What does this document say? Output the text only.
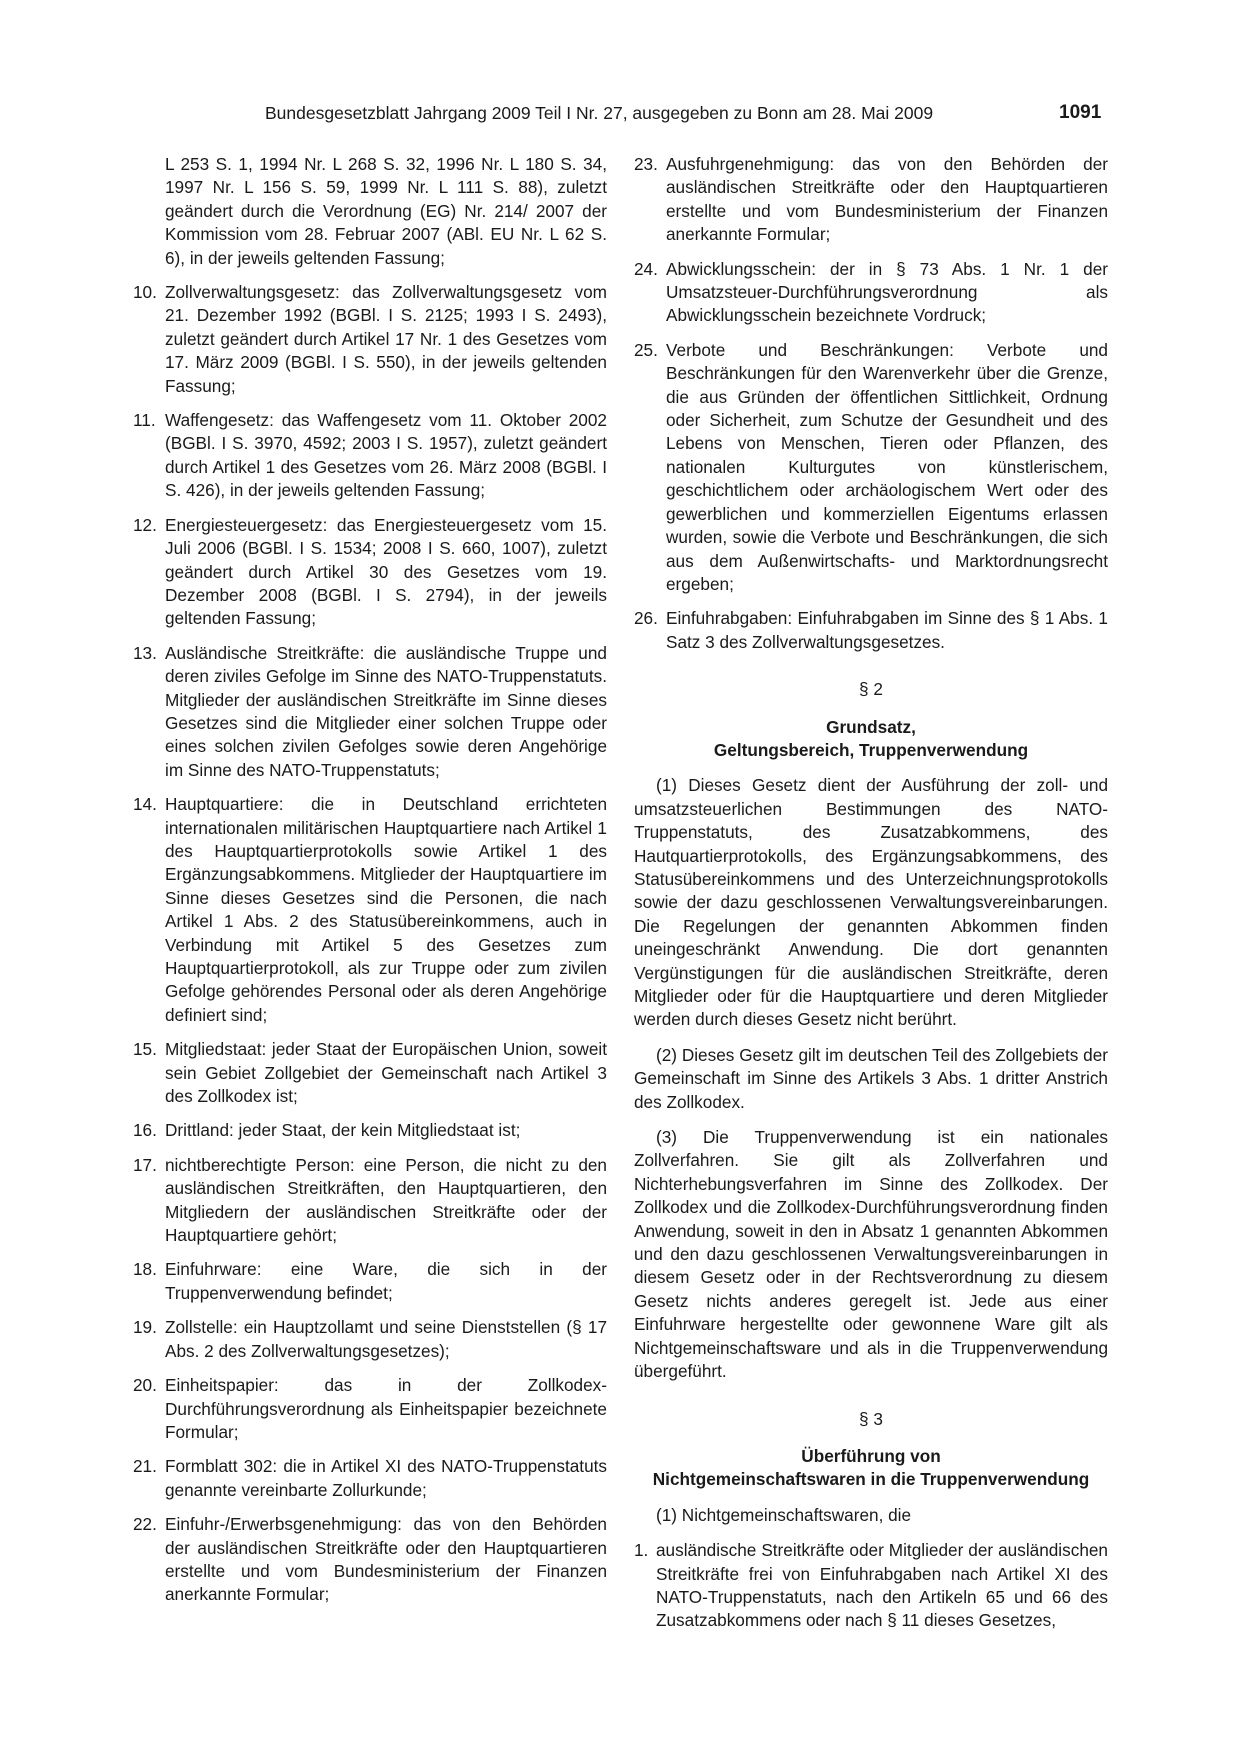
Bundesgesetzblatt Jahrgang 2009 Teil I Nr. 27, ausgegeben zu Bonn am 28. Mai 2009	1091
L 253 S. 1, 1994 Nr. L 268 S. 32, 1996 Nr. L 180 S. 34, 1997 Nr. L 156 S. 59, 1999 Nr. L 111 S. 88), zuletzt geändert durch die Verordnung (EG) Nr. 214/ 2007 der Kommission vom 28. Februar 2007 (ABl. EU Nr. L 62 S. 6), in der jeweils geltenden Fassung;
10. Zollverwaltungsgesetz: das Zollverwaltungsgesetz vom 21. Dezember 1992 (BGBl. I S. 2125; 1993 I S. 2493), zuletzt geändert durch Artikel 17 Nr. 1 des Gesetzes vom 17. März 2009 (BGBl. I S. 550), in der jeweils geltenden Fassung;
11. Waffengesetz: das Waffengesetz vom 11. Oktober 2002 (BGBl. I S. 3970, 4592; 2003 I S. 1957), zuletzt geändert durch Artikel 1 des Gesetzes vom 26. März 2008 (BGBl. I S. 426), in der jeweils geltenden Fassung;
12. Energiesteuergesetz: das Energiesteuergesetz vom 15. Juli 2006 (BGBl. I S. 1534; 2008 I S. 660, 1007), zuletzt geändert durch Artikel 30 des Gesetzes vom 19. Dezember 2008 (BGBl. I S. 2794), in der jeweils geltenden Fassung;
13. Ausländische Streitkräfte: die ausländische Truppe und deren ziviles Gefolge im Sinne des NATO-Truppenstatuts. Mitglieder der ausländischen Streitkräfte im Sinne dieses Gesetzes sind die Mitglieder einer solchen Truppe oder eines solchen zivilen Gefolges sowie deren Angehörige im Sinne des NATO-Truppenstatuts;
14. Hauptquartiere: die in Deutschland errichteten internationalen militärischen Hauptquartiere nach Artikel 1 des Hauptquartierprotokolls sowie Artikel 1 des Ergänzungsabkommens. Mitglieder der Hauptquartiere im Sinne dieses Gesetzes sind die Personen, die nach Artikel 1 Abs. 2 des Statusübereinkommens, auch in Verbindung mit Artikel 5 des Gesetzes zum Hauptquartierprotokoll, als zur Truppe oder zum zivilen Gefolge gehörendes Personal oder als deren Angehörige definiert sind;
15. Mitgliedstaat: jeder Staat der Europäischen Union, soweit sein Gebiet Zollgebiet der Gemeinschaft nach Artikel 3 des Zollkodex ist;
16. Drittland: jeder Staat, der kein Mitgliedstaat ist;
17. nichtberechtigte Person: eine Person, die nicht zu den ausländischen Streitkräften, den Hauptquartieren, den Mitgliedern der ausländischen Streitkräfte oder der Hauptquartiere gehört;
18. Einfuhrware: eine Ware, die sich in der Truppenverwendung befindet;
19. Zollstelle: ein Hauptzollamt und seine Dienststellen (§ 17 Abs. 2 des Zollverwaltungsgesetzes);
20. Einheitspapier: das in der Zollkodex-Durchführungsverordnung als Einheitspapier bezeichnete Formular;
21. Formblatt 302: die in Artikel XI des NATO-Truppenstatuts genannte vereinbarte Zollurkunde;
22. Einfuhr-/Erwerbsgenehmigung: das von den Behörden der ausländischen Streitkräfte oder den Hauptquartieren erstellte und vom Bundesministerium der Finanzen anerkannte Formular;
23. Ausfuhrgenehmigung: das von den Behörden der ausländischen Streitkräfte oder den Hauptquartieren erstellte und vom Bundesministerium der Finanzen anerkannte Formular;
24. Abwicklungsschein: der in § 73 Abs. 1 Nr. 1 der Umsatzsteuer-Durchführungsverordnung als Abwicklungsschein bezeichnete Vordruck;
25. Verbote und Beschränkungen: Verbote und Beschränkungen für den Warenverkehr über die Grenze, die aus Gründen der öffentlichen Sittlichkeit, Ordnung oder Sicherheit, zum Schutze der Gesundheit und des Lebens von Menschen, Tieren oder Pflanzen, des nationalen Kulturgutes von künstlerischem, geschichtlichem oder archäologischem Wert oder des gewerblichen und kommerziellen Eigentums erlassen wurden, sowie die Verbote und Beschränkungen, die sich aus dem Außenwirtschafts- und Marktordnungsrecht ergeben;
26. Einfuhrabgaben: Einfuhrabgaben im Sinne des § 1 Abs. 1 Satz 3 des Zollverwaltungsgesetzes.
§ 2
Grundsatz,
Geltungsbereich, Truppenverwendung
(1) Dieses Gesetz dient der Ausführung der zoll- und umsatzsteuerlichen Bestimmungen des NATO-Truppenstatuts, des Zusatzabkommens, des Hautquartierprotokolls, des Ergänzungsabkommens, des Statusübereinkommens und des Unterzeichnungsprotokolls sowie der dazu geschlossenen Verwaltungsvereinbarungen. Die Regelungen der genannten Abkommen finden uneingeschränkt Anwendung. Die dort genannten Vergünstigungen für die ausländischen Streitkräfte, deren Mitglieder oder für die Hauptquartiere und deren Mitglieder werden durch dieses Gesetz nicht berührt.
(2) Dieses Gesetz gilt im deutschen Teil des Zollgebiets der Gemeinschaft im Sinne des Artikels 3 Abs. 1 dritter Anstrich des Zollkodex.
(3) Die Truppenverwendung ist ein nationales Zollverfahren. Sie gilt als Zollverfahren und Nichterhebungsverfahren im Sinne des Zollkodex. Der Zollkodex und die Zollkodex-Durchführungsverordnung finden Anwendung, soweit in den in Absatz 1 genannten Abkommen und den dazu geschlossenen Verwaltungsvereinbarungen in diesem Gesetz oder in der Rechtsverordnung zu diesem Gesetz nichts anderes geregelt ist. Jede aus einer Einfuhrware hergestellte oder gewonnene Ware gilt als Nichtgemeinschaftsware und als in die Truppenverwendung übergeführt.
§ 3
Überführung von
Nichtgemeinschaftswaren in die Truppenverwendung
(1) Nichtgemeinschaftswaren, die
1. ausländische Streitkräfte oder Mitglieder der ausländischen Streitkräfte frei von Einfuhrabgaben nach Artikel XI des NATO-Truppenstatuts, nach den Artikeln 65 und 66 des Zusatzabkommens oder nach § 11 dieses Gesetzes,
